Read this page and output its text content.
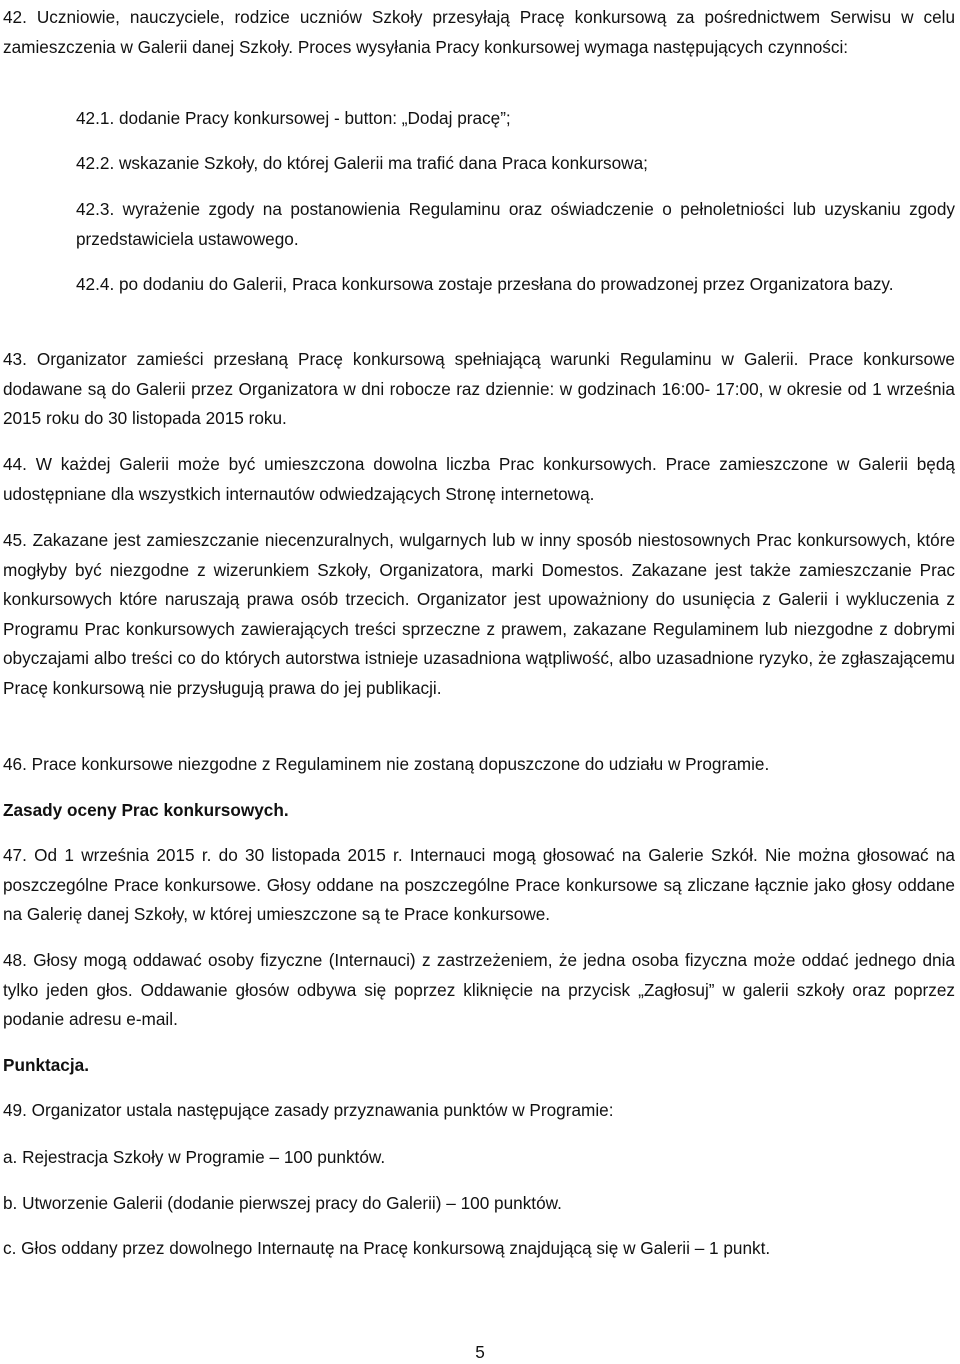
42. Uczniowie, nauczyciele, rodzice uczniów Szkoły przesyłają Pracę konkursową za pośrednictwem Serwisu w celu zamieszczenia w Galerii danej Szkoły. Proces wysyłania Pracy konkursowej wymaga następujących czynności:

42.1. dodanie Pracy konkursowej - button: „Dodaj pracę”;

42.2. wskazanie Szkoły, do której Galerii ma trafić dana Praca konkursowa;

42.3. wyrażenie zgody na postanowienia Regulaminu oraz oświadczenie o pełnoletniości lub uzyskaniu zgody przedstawiciela ustawowego.

42.4. po dodaniu do Galerii, Praca konkursowa zostaje przesłana do prowadzonej przez Organizatora bazy.

43. Organizator zamieści przesłaną Pracę konkursową spełniającą warunki Regulaminu w Galerii. Prace konkursowe dodawane są do Galerii przez Organizatora w dni robocze raz dziennie: w godzinach 16:00- 17:00, w okresie od 1 września 2015 roku do 30 listopada 2015 roku.

44. W każdej Galerii może być umieszczona dowolna liczba Prac konkursowych. Prace zamieszczone w Galerii będą udostępniane dla wszystkich internautów odwiedzających Stronę internetową.

45. Zakazane jest zamieszczanie niecenzuralnych, wulgarnych lub w inny sposób niestosownych Prac konkursowych, które mogłyby być niezgodne z wizerunkiem Szkoły, Organizatora, marki Domestos. Zakazane jest także zamieszczanie Prac konkursowych które naruszają prawa osób trzecich. Organizator jest upoważniony do usunięcia z Galerii i wykluczenia z Programu Prac konkursowych zawierających treści sprzeczne z prawem, zakazane Regulaminem lub niezgodne z dobrymi obyczajami albo treści co do których autorstwa istnieje uzasadniona wątpliwość, albo uzasadnione ryzyko, że zgłaszającemu Pracę konkursową nie przysługują prawa do jej publikacji.

46. Prace konkursowe niezgodne z Regulaminem nie zostaną dopuszczone do udziału w Programie.

Zasady oceny Prac konkursowych.

47. Od 1 września 2015 r. do 30 listopada 2015 r. Internauci mogą głosować na Galerie Szkół. Nie można głosować na poszczególne Prace konkursowe. Głosy oddane na poszczególne Prace konkursowe są zliczane łącznie jako głosy oddane na Galerię danej Szkoły, w której umieszczone są te Prace konkursowe.

48. Głosy mogą oddawać osoby fizyczne (Internauci) z zastrzeżeniem, że jedna osoba fizyczna może oddać jednego dnia tylko jeden głos. Oddawanie głosów odbywa się poprzez kliknięcie na przycisk „Zagłosuj” w galerii szkoły oraz poprzez podanie adresu e-mail.

Punktacja.

49. Organizator ustala następujące zasady przyznawania punktów w Programie:

a. Rejestracja Szkoły w Programie – 100 punktów.

b. Utworzenie Galerii (dodanie pierwszej pracy do Galerii) – 100 punktów.

c. Głos oddany przez dowolnego Internautę na Pracę konkursową znajdującą się w Galerii – 1 punkt.

5
